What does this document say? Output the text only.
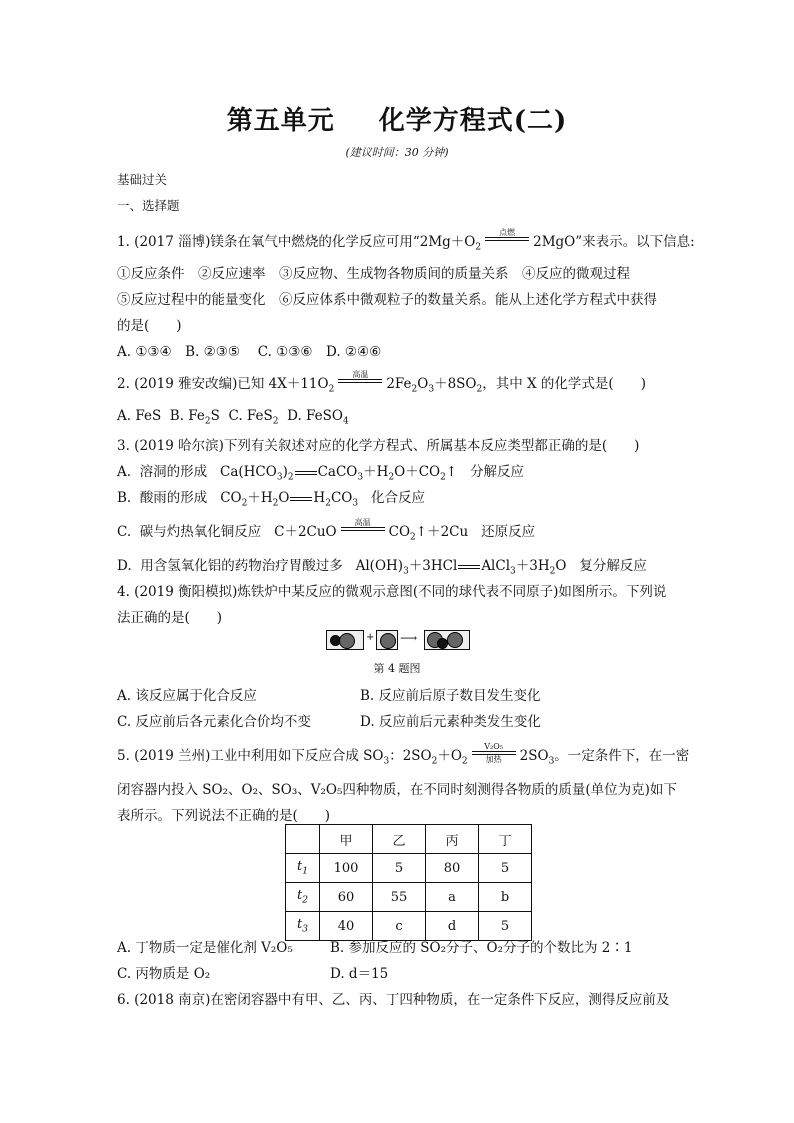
第五单元 化学方程式(二)
(建议时间：30 分钟)
基础过关
一、选择题
1. (2017 淄博)镁条在氧气中燃烧的化学反应可用“$2Mg+O_2$
点燃

2MgO”来表示。以下信息:
①反应条件　②反应速率　③反应物、生成物各物质间的质量关系　④反应的微观过程
⑤反应过程中的能量变化　⑥反应体系中微观粒子的数量关系。能从上述化学方程式中获得
的是(　　)
A. ①③④　B. ②③⑤　 C. ①③⑥　D. ②④⑥
2. (2019 雅安改编)已知 $4X+11O_2$
高温

$2Fe_2O_3+8SO_2$，其中 X 的化学式是(　　)
A. FeS B. $Fe_2S$ C. FeS$_2$ D. FeSO$_4$
3. (2019 哈尔滨)下列有关叙述对应的化学方程式、所属基本反应类型都正确的是(　　)
A. 溶洞的形成 $Ca(HCO_3)_2$ $CaCO_3+H_2O+CO_2↑$ 分解反应
B. 酸雨的形成 $CO_2+H_2O$ $H_2CO_3$ 化合反应
C. 碳与灼热氧化铜反应 C＋2CuO
高温

$CO_2↑+2Cu$ 还原反应
D. 用含氢氧化铝的药物治疗胃酸过多 $Al(OH)_3+3HCl$ $AlCl_3+3H_2O$ 复分解反应
4. (2019 衡阳模拟)炼铁炉中某反应的微观示意图(不同的球代表不同原子)如图所示。下列说
法正确的是(　　)
+ ⟶
第 4 题图
A. 该反应属于化合反应	B. 反应前后原子数目发生变化
C. 反应前后各元素化合价均不变	D. 反应前后元素种类发生变化
5. (2019 兰州)工业中利用如下反应合成 $SO_3$：$2SO_2+O_2$
V₂O₅
加热 $2SO_3$。一定条件下，在一密
闭容器内投入 SO₂、O₂、SO₃、V₂O₅四种物质，在不同时刻测得各物质的质量(单位为克)如下
表所示。下列说法不正确的是(　　)
	甲	乙	丙	丁
$t_1$	100	5	80	5
$t_2$	60	55	a	b
$t_3$	40	c	d	5
A. 丁物质一定是催化剂 V₂O₅	B. 参加反应的 SO₂分子、O₂分子的个数比为 2∶1
C. 丙物质是 O₂	D. d＝15
6. (2018 南京)在密闭容器中有甲、乙、丙、丁四种物质，在一定条件下反应，测得反应前及
